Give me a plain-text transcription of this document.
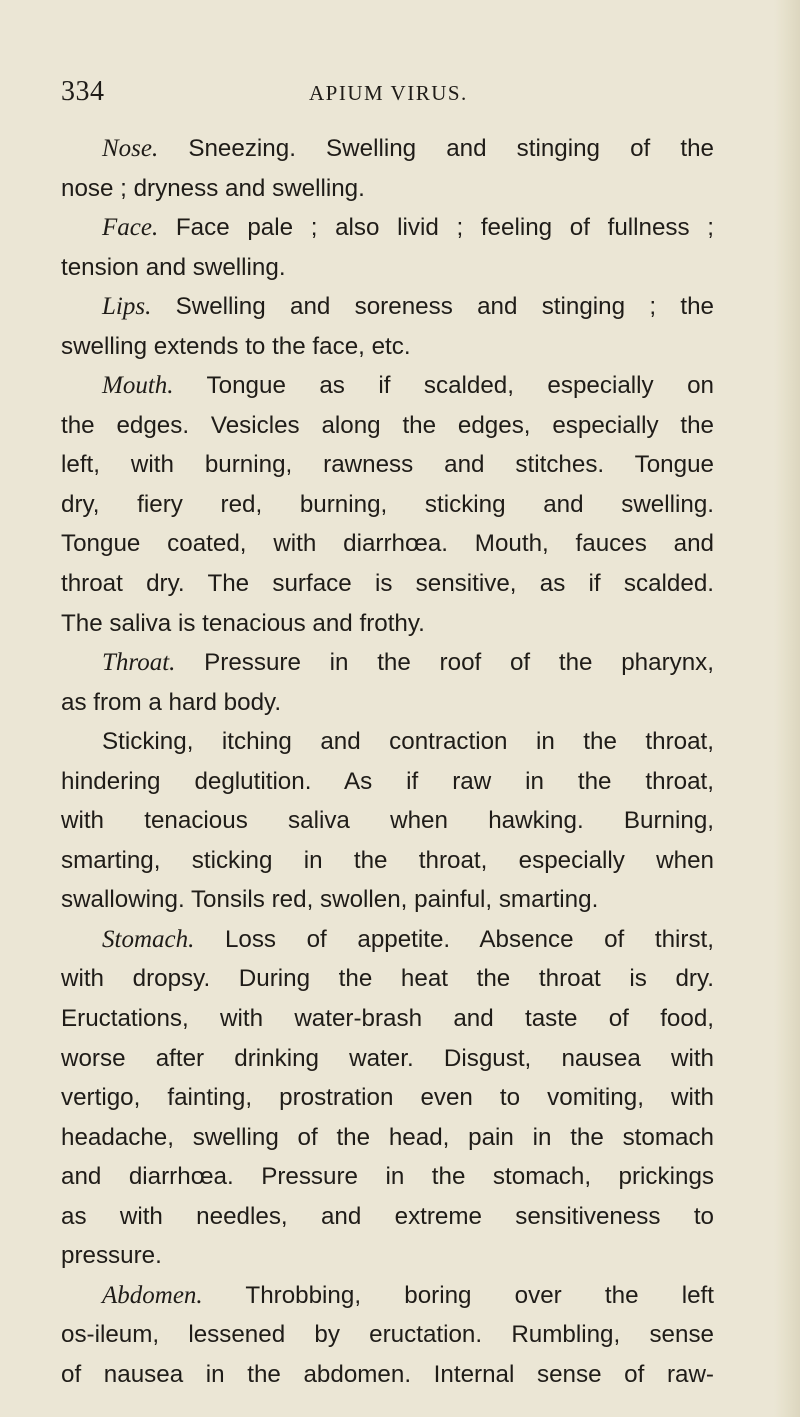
334	APIUM VIRUS.
Nose. Sneezing. Swelling and stinging of the
nose ; dryness and swelling.
Face. Face pale ; also livid ; feeling of fullness ;
tension and swelling.
Lips. Swelling and soreness and stinging ; the
swelling extends to the face, etc.
Mouth. Tongue as if scalded, especially on
the edges. Vesicles along the edges, especially the
left, with burning, rawness and stitches. Tongue
dry, fiery red, burning, sticking and swelling.
Tongue coated, with diarrhœa. Mouth, fauces and
throat dry. The surface is sensitive, as if scalded.
The saliva is tenacious and frothy.
Throat. Pressure in the roof of the pharynx,
as from a hard body.
Sticking, itching and contraction in the throat,
hindering deglutition. As if raw in the throat,
with tenacious saliva when hawking. Burning,
smarting, sticking in the throat, especially when
swallowing. Tonsils red, swollen, painful, smarting.
Stomach. Loss of appetite. Absence of thirst,
with dropsy. During the heat the throat is dry.
Eructations, with water-brash and taste of food,
worse after drinking water. Disgust, nausea with
vertigo, fainting, prostration even to vomiting, with
headache, swelling of the head, pain in the stomach
and diarrhœa. Pressure in the stomach, prickings
as with needles, and extreme sensitiveness to
pressure.
Abdomen. Throbbing, boring over the left
os-ileum, lessened by eructation. Rumbling, sense
of nausea in the abdomen. Internal sense of raw-
